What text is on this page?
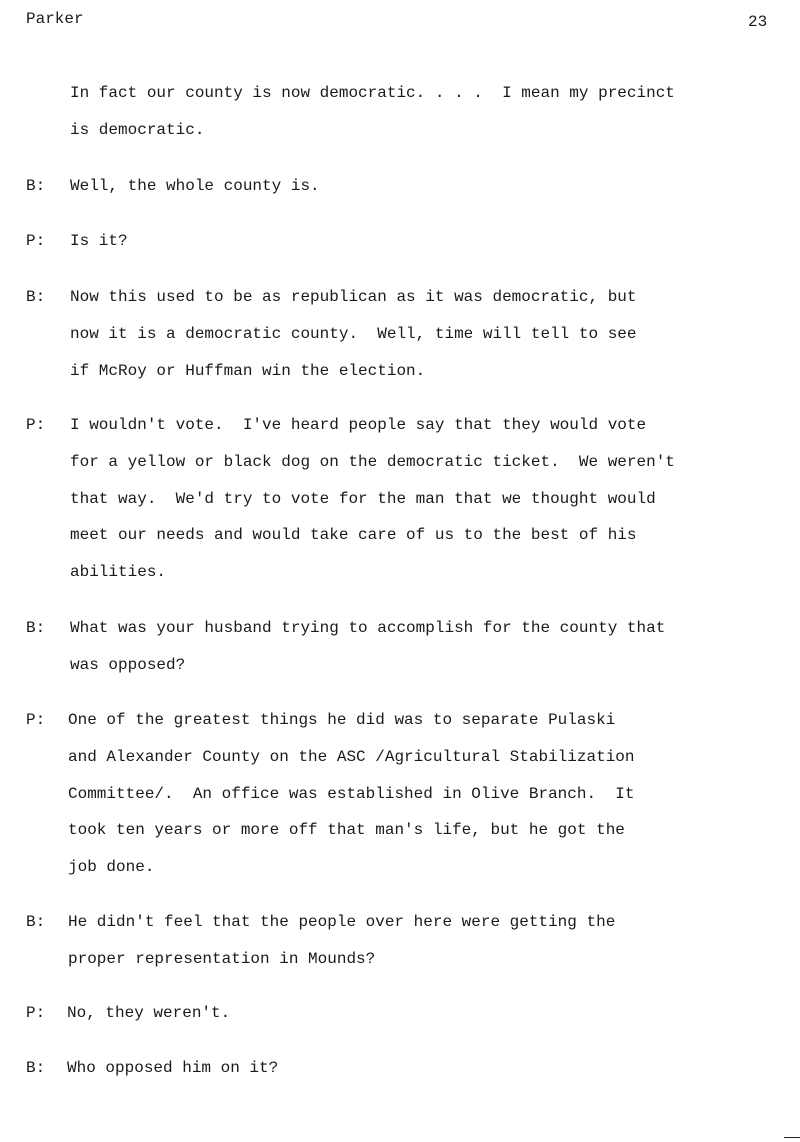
Parker	23
In fact our county is now democratic. . . .  I mean my precinct
is democratic.
B: Well, the whole county is.
P: Is it?
B: Now this used to be as republican as it was democratic, but
now it is a democratic county.  Well, time will tell to see
if McRoy or Huffman win the election.
P: I wouldn't vote.  I've heard people say that they would vote
for a yellow or black dog on the democratic ticket.  We weren't
that way.  We'd try to vote for the man that we thought would
meet our needs and would take care of us to the best of his
abilities.
B: What was your husband trying to accomplish for the county that
was opposed?
P: One of the greatest things he did was to separate Pulaski
and Alexander County on the ASC /Agricultural Stabilization
Committee/.  An office was established in Olive Branch.  It
took ten years or more off that man's life, but he got the
job done.
B: He didn't feel that the people over here were getting the
proper representation in Mounds?
P: No, they weren't.
B: Who opposed him on it?
